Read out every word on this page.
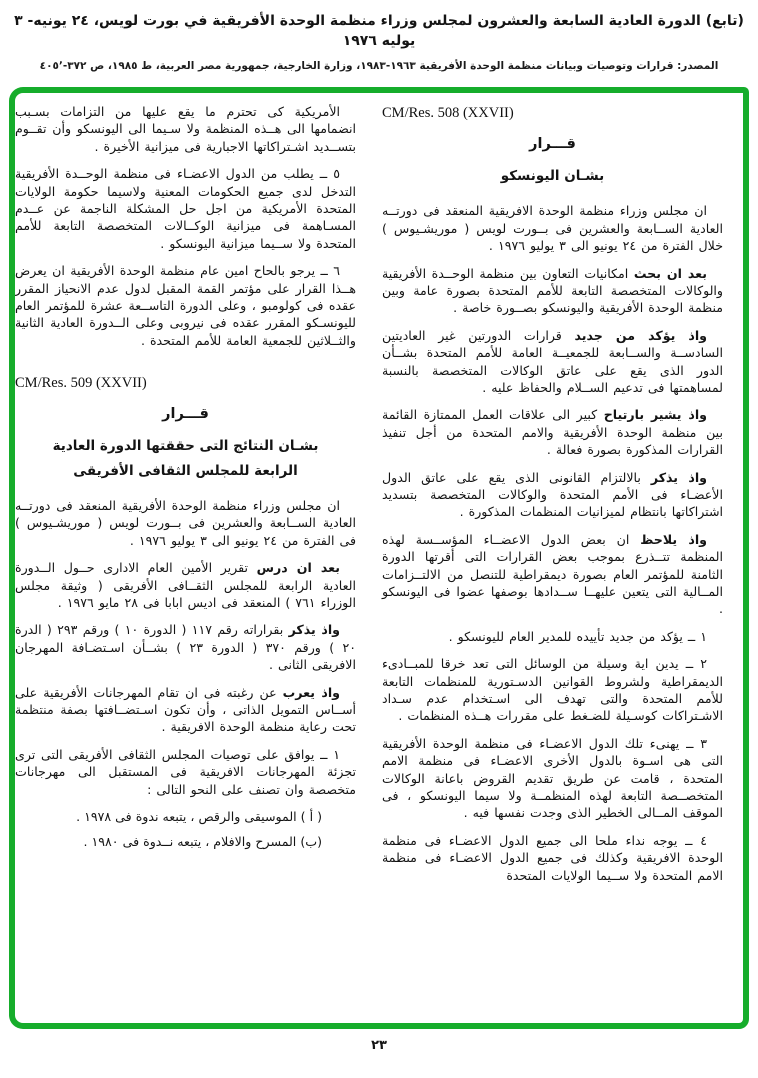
(تابع) الدورة العادية السابعة والعشرون لمجلس وزراء منظمة الوحدة الأفريقية في بورت لويس، ٢٤ يونيه- ٣ يوليه ١٩٧٦
المصدر: قرارات وتوصيات وبيانات منظمة الوحدة الأفريقية ١٩٦٣-١٩٨٣، وزارة الخارجية، جمهورية مصر العربية، ط ١٩٨٥، ص ٣٧٢-٤٠٥٬
CM/Res. 508 (XXVII)
قـــرار
بشـان اليونسكو

ان مجلس وزراء منظمة الوحدة الافريقية المنعقد فى دورتــه العادية الســابعة والعشرين فى بــورت لويس ( موريشـيوس ) خلال الفترة من ٢٤ يونيو الى ٣ يوليو ١٩٧٦ .

بعد ان بحث امكانيات التعاون بين منظمة الوحــدة الأفريقية والوكالات المتخصصة التابعة للأمم المتحدة بصورة عامة وبين منظمة الوحدة الأفريقية واليونسكو بصــورة خاصة .

واذ يؤكد من جديد قرارات الدورتين غير العاديتين السادســة والســابعة للجمعيــة العامة للأمم المتحدة بشــأن الدور الذى يقع على عاتق الوكالات المتخصصة بالنسبة لمساهمتها فى تدعيم الســلام والحفاظ عليه .

واذ يشير بارتياح كبير الى علاقات العمل الممتازة القائمة بين منظمة الوحدة الأفريقية والامم المتحدة من أجل تنفيذ القرارات المذكورة بصورة فعالة .

واذ يذكر بالالتزام القانونى الذى يقع على عاتق الدول الأعضـاء فى الأمم المتحدة والوكالات المتخصصة بتسديد اشتراكاتها بانتظام لميزانيات المنظمات المذكورة .

واذ يلاحظ ان بعض الدول الاعضــاء المؤســسة لهذه المنظمة تتــذرع بموجب بعض القرارات التى أقرتها الدورة الثامنة للمؤتمر العام بصورة ديمقراطية للتنصل من الالتــزامات المــالية التى يتعين عليهــا ســدادها بوصفها عضوا فى اليونسكو .

١ ــ يؤكد من جديد تأييده للمدير العام لليونسكو .

٢ ــ يدين اية وسيلة من الوسائل التى تعد خرقا للمبــادىء الديمقراطية ولشروط القوانين الدسـتورية للمنظمات التابعة للأمم المتحدة والتى تهدف الى اسـتخدام عدم سـداد الاشـتراكات كوسـيلة للضـغط على مقررات هــذه المنظمات .

٣ ــ يهنىء تلك الدول الاعضـاء فى منظمة الوحدة الأفريقية التى هى اسـوة بالدول الأخرى الاعضـاء فى منظمة الامم المتحدة ، قامت عن طريق تقديم القروض باعانة الوكالات المتخصــصة التابعة لهذه المنظمــة ولا سيما اليونسكو ، فى الموقف المــالى الخطير الذى وجدت نفسها فيه .

٤ ــ يوجه نداء ملحا الى جميع الدول الاعضـاء فى منظمة الوحدة الافريقية وكذلك فى جميع الدول الاعضـاء فى منظمة الامم المتحدة ولا ســيما الولايات المتحدة

الأمريكية كى تحترم ما يقع عليها من التزامات بسـبب انضمامها الى هــذه المنظمة ولا سـيما الى اليونسكو وأن تقــوم بتســديد اشـتراكاتها الاجبارية فى ميزانية الأخيرة .

٥ ــ يطلب من الدول الاعضـاء فى منظمة الوحــدة الأفريقية التدخل لدى جميع الحكومات المعنية ولاسيما حكومة الولايات المتحدة الأمريكية من اجل حل المشكلة الناجمة عن عــدم المسـاهمة فى ميزانية الوكــالات المتخصصة التابعة للأمم المتحدة ولا ســيما ميزانية اليونسكو .

٦ ــ يرجو بالحاح امين عام منظمة الوحدة الأفريقية ان يعرض هــذا القرار على مؤتمر القمة المقبل لدول عدم الانحياز المقرر عقده فى كولومبو ، وعلى الدورة التاســعة عشرة للمؤتمر العام لليونسـكو المقرر عقده فى نيروبى وعلى الــدورة العادية الثانية والثــلاثين للجمعية العامة للأمم المتحدة .

CM/Res. 509 (XXVII)
قـــرار
بشـان النتائج التى حققتها الدورة العادية
الرابعة للمجلس الثقافى الأفريقى

ان مجلس وزراء منظمة الوحدة الأفريقية المنعقد فى دورتــه العادية الســابعة والعشرين فى بــورت لويس ( موريشـيوس ) فى الفترة من ٢٤ يونيو الى ٣ يوليو ١٩٧٦ .

بعد ان درس تقرير الأمين العام الادارى حــول الــدورة العادية الرابعة للمجلس الثقــافى الأفريقى ( وثيقة مجلس الوزراء ٧٦١ ) المنعقد فى اديس ابابا فى ٢٨ مايو ١٩٧٦ .

واذ يذكر بقراراته رقم ١١٧ ( الدورة ١٠ ) ورقم ٢٩٣ ( الدرة ٢٠ ) ورقم ٣٧٠ ( الدورة ٢٣ ) بشــأن اسـتضـافة المهرجان الافريقى الثانى .

واذ يعرب عن رغبته فى ان تقام المهرجانات الأفريقية على أســاس التمويل الذاتى ، وأن تكون اسـتضــافتها بصفة منتظمة تحت رعاية منظمة الوحدة الافريقية .

١ ــ يوافق على توصيات المجلس الثقافى الأفريقى التى ترى تجزئة المهرجانات الافريقية فى المستقبل الى مهرجانات متخصصة وان تصنف على النحو التالى :

( أ ) الموسيقى والرقص ، يتبعه ندوة فى ١٩٧٨ .

(ب) المسرح والافلام ، يتبعه نــدوة فى ١٩٨٠ .

٢٣
